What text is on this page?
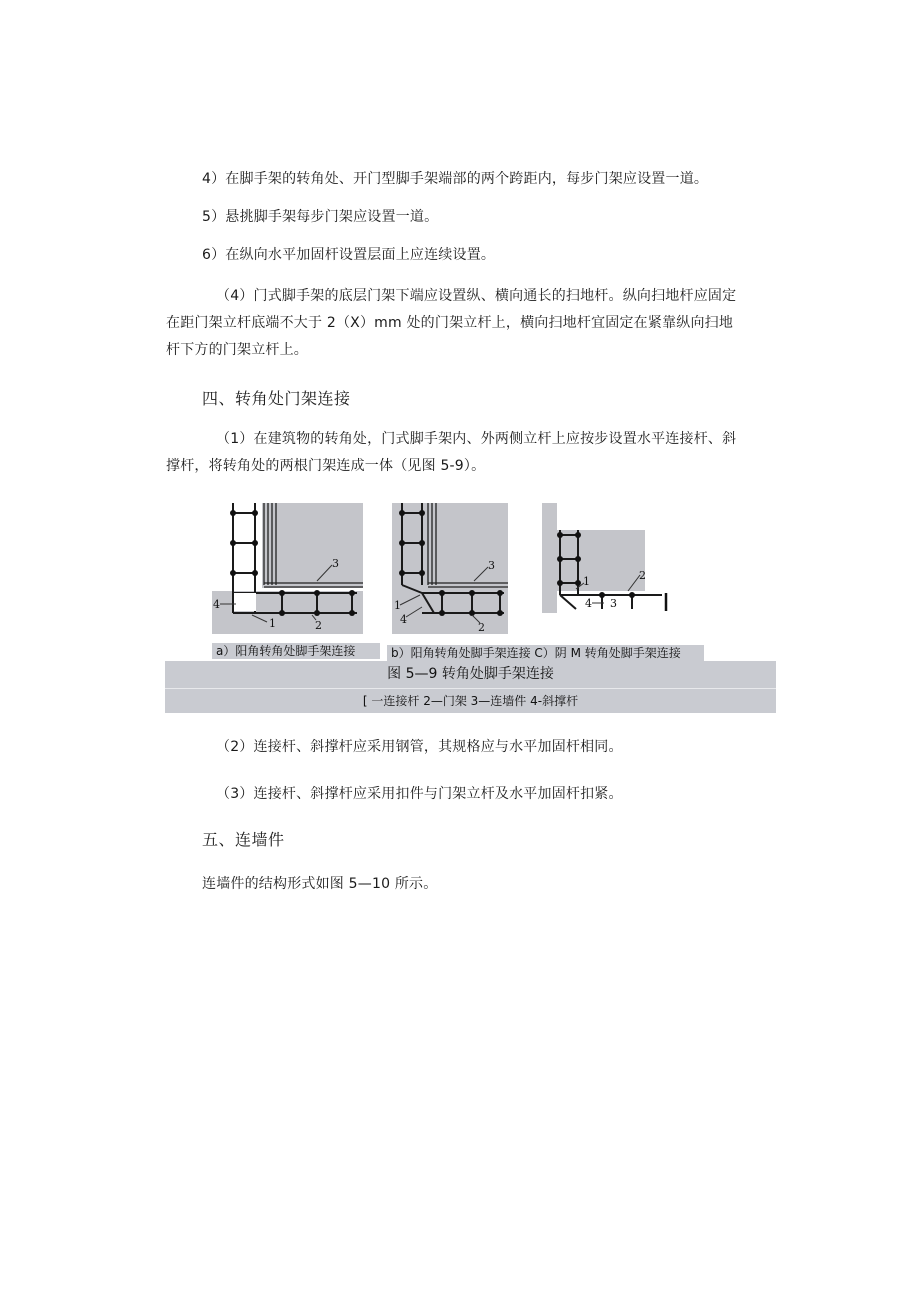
4）在脚手架的转角处、开门型脚手架端部的两个跨距内，每步门架应设置一道。

5）悬挑脚手架每步门架应设置一道。

6）在纵向水平加固杆设置层面上应连续设置。

（4）门式脚手架的底层门架下端应设置纵、横向通长的扫地杆。纵向扫地杆应固定

在距门架立杆底端不大于 2（X）mm 处的门架立杆上，横向扫地杆宜固定在紧靠纵向扫地

杆下方的门架立杆上。

四、转角处门架连接

（1）在建筑物的转角处，门式脚手架内、外两侧立杆上应按步设置水平连接杆、斜

撑杆，将转角处的两根门架连成一体（见图 5-9）。

3
4
1	2
3
1
4
2
1	2
4 3
a）阳角转角处脚手架连接	b）阳角转角处脚手架连接 C）阴 M 转角处脚手架连接
图 5—9 转角处脚手架连接
[ 一连接杆 2—门架 3—连墙件 4-斜撑杆

（2）连接杆、斜撑杆应采用钢管，其规格应与水平加固杆相同。

（3）连接杆、斜撑杆应采用扣件与门架立杆及水平加固杆扣紧。

五、连墙件

连墙件的结构形式如图 5—10 所示。
